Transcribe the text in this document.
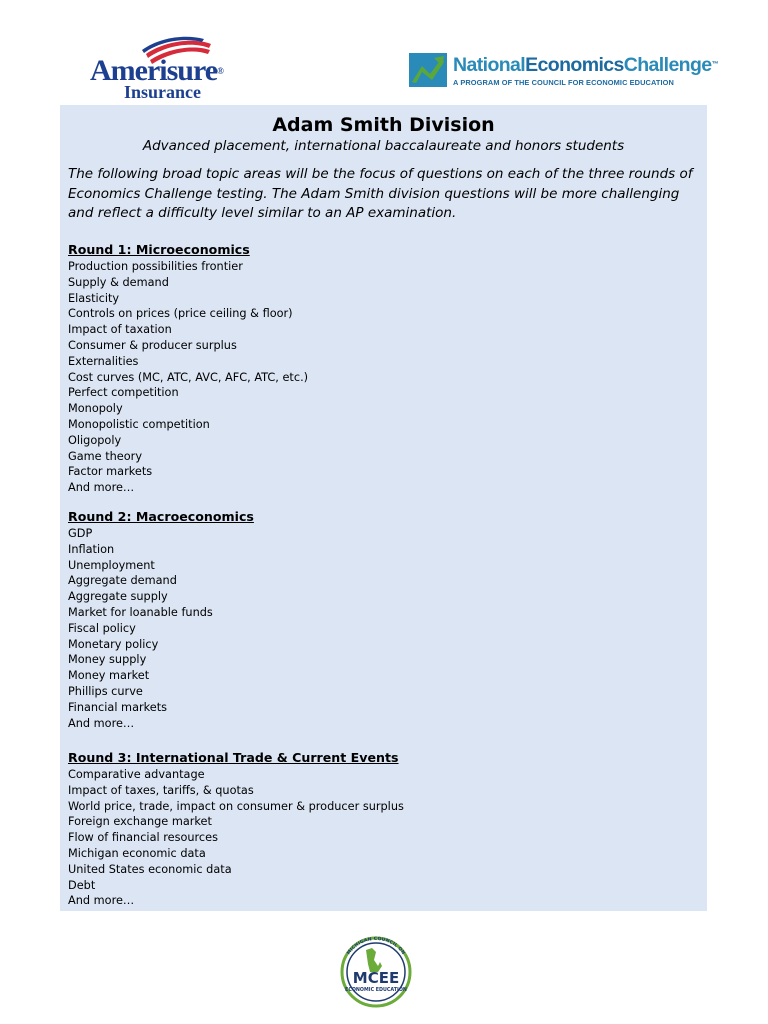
Amerisure®
Insurance
NationalEconomicsChallenge™
A PROGRAM OF THE COUNCIL FOR ECONOMIC EDUCATION
Adam Smith Division
Advanced placement, international baccalaureate and honors students
The following broad topic areas will be the focus of questions on each of the three rounds of Economics Challenge testing. The Adam Smith division questions will be more challenging and reflect a difficulty level similar to an AP examination.
Round 1: Microeconomics
Production possibilities frontier
Supply & demand
Elasticity
Controls on prices (price ceiling & floor)
Impact of taxation
Consumer & producer surplus
Externalities
Cost curves (MC, ATC, AVC, AFC, ATC, etc.)
Perfect competition
Monopoly
Monopolistic competition
Oligopoly
Game theory
Factor markets
And more…
Round 2: Macroeconomics
GDP
Inflation
Unemployment
Aggregate demand
Aggregate supply
Market for loanable funds
Fiscal policy
Monetary policy
Money supply
Money market
Phillips curve
Financial markets
And more…
Round 3: International Trade & Current Events
Comparative advantage
Impact of taxes, tariffs, & quotas
World price, trade, impact on consumer & producer surplus
Foreign exchange market
Flow of financial resources
Michigan economic data
United States economic data
Debt
And more…
MICHIGAN COUNCIL ON
MCEE
ECONOMIC EDUCATION
